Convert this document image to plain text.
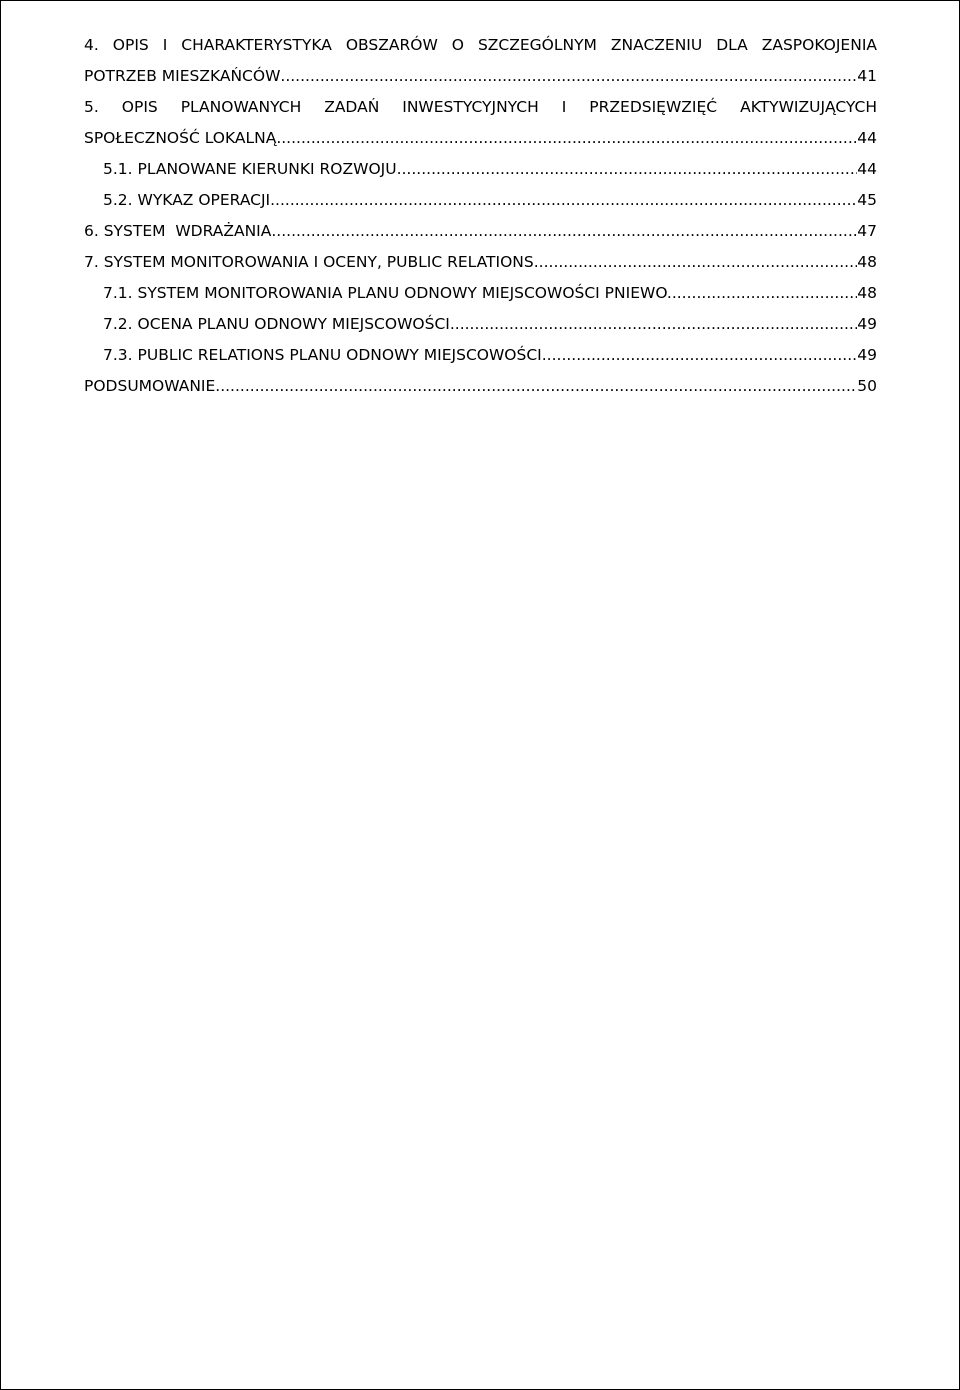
4. OPIS I CHARAKTERYSTYKA OBSZARÓW O SZCZEGÓLNYM ZNACZENIU DLA ZASPOKOJENIA
POTRZEB MIESZKAŃCÓW .....	41
5. OPIS PLANOWANYCH ZADAŃ INWESTYCYJNYCH I PRZEDSIĘWZIĘĆ AKTYWIZUJĄCYCH
SPOŁECZNOŚĆ LOKALNĄ .....	44
5.1. PLANOWANE KIERUNKI ROZWOJU .....	44
5.2. WYKAZ OPERACJI .....	45
6. SYSTEM  WDRAŻANIA .....	47
7. SYSTEM MONITOROWANIA I OCENY, PUBLIC RELATIONS .....	48
7.1. SYSTEM MONITOROWANIA PLANU ODNOWY MIEJSCOWOŚCI PNIEWO. .....	48
7.2. OCENA PLANU ODNOWY MIEJSCOWOŚCI .....	49
7.3. PUBLIC RELATIONS PLANU ODNOWY MIEJSCOWOŚCI .....	49
PODSUMOWANIE .....	50
